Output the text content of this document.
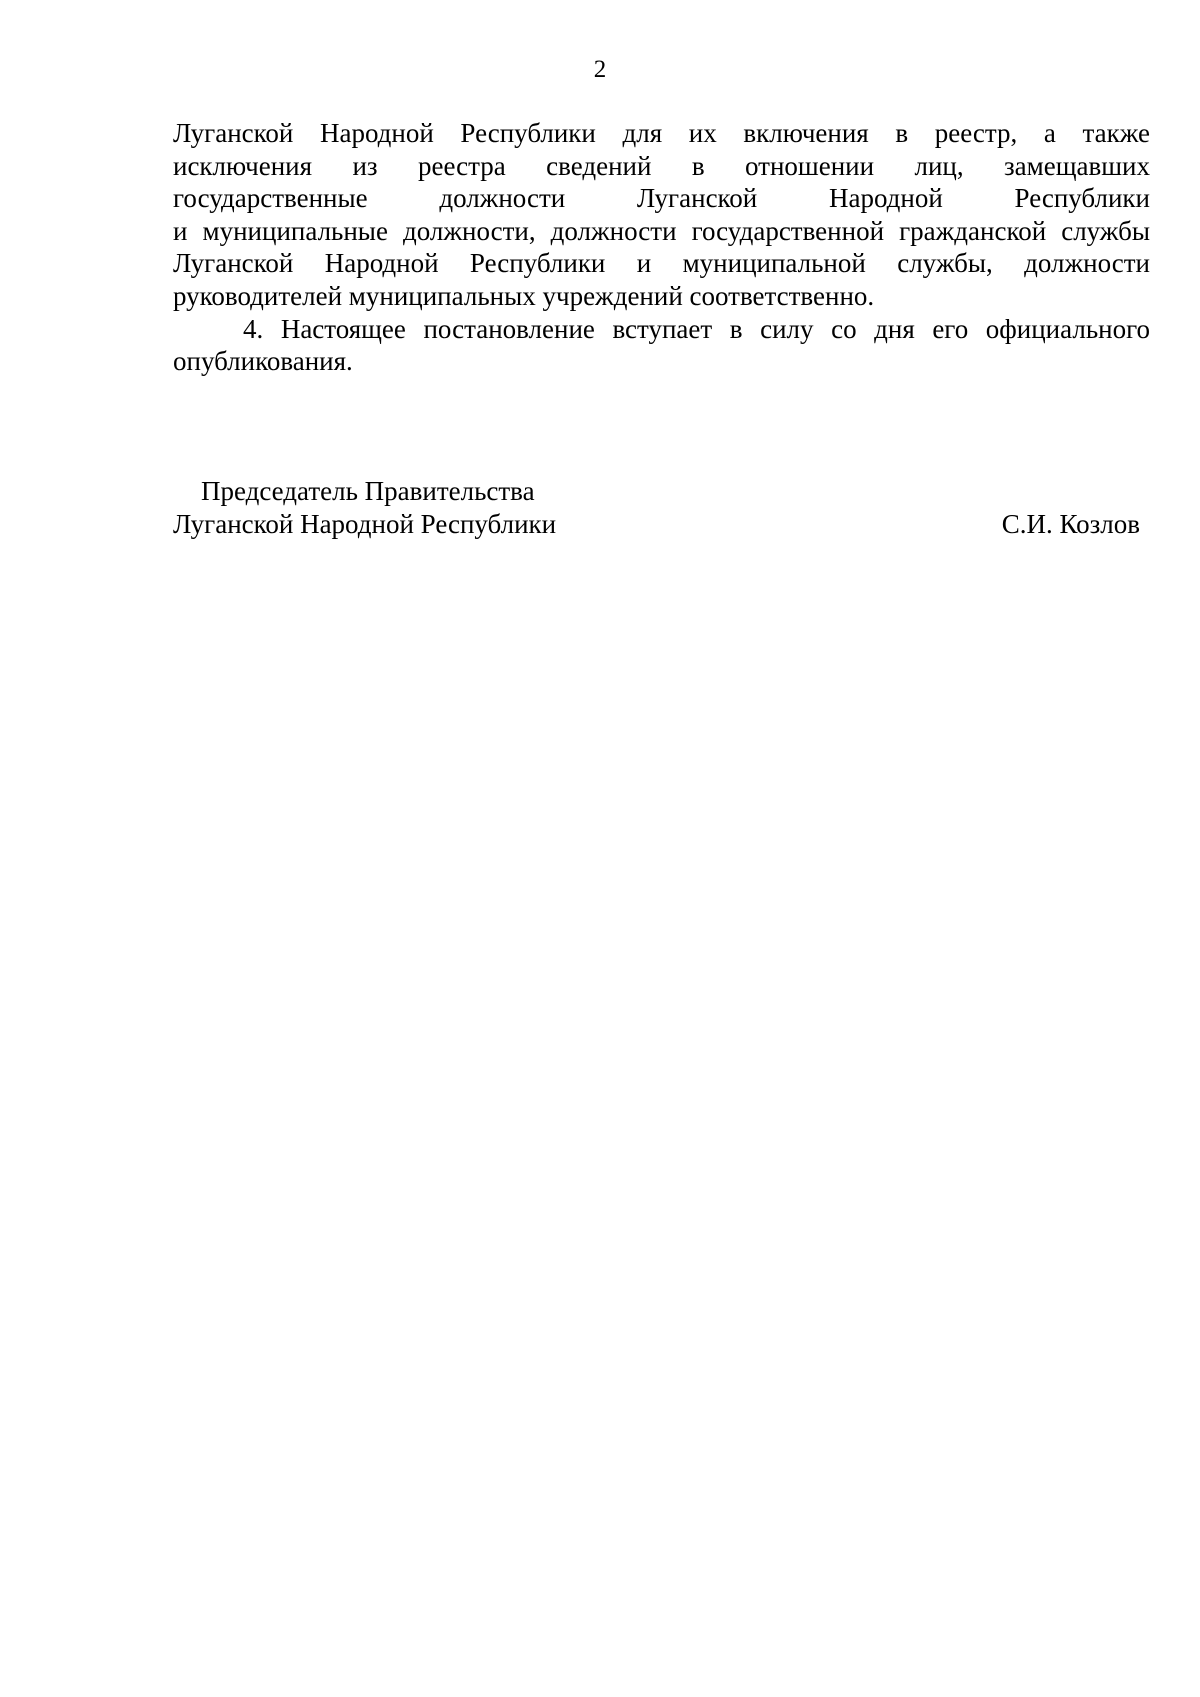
2
Луганской Народной Республики для их включения в реестр, а также
исключения из реестра сведений в отношении лиц, замещавших
государственные должности Луганской Народной Республики
и муниципальные должности, должности государственной гражданской службы
Луганской Народной Республики и муниципальной службы, должности
руководителей муниципальных учреждений соответственно.
4. Настоящее постановление вступает в силу со дня его официального
опубликования.
Председатель Правительства
Луганской Народной Республики	С.И. Козлов
